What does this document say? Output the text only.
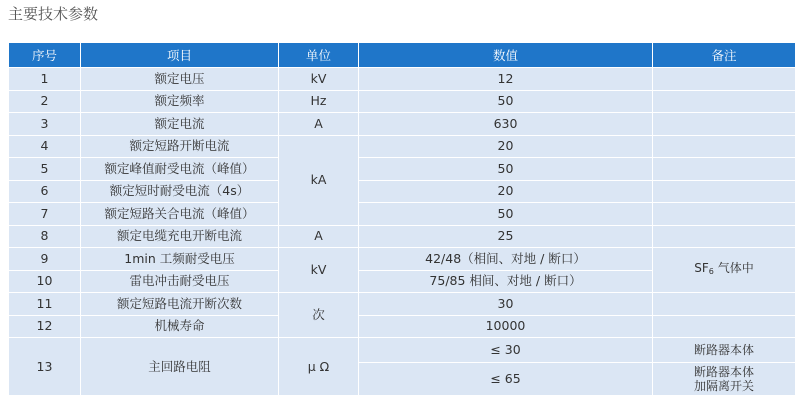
主要技术参数
序号	项目	单位	数值	备注
1	额定电压	kV	12	
2	额定频率	Hz	50	
3	额定电流	A	630	
4	额定短路开断电流	kA	20	
5	额定峰值耐受电流（峰值）		50	
6	额定短时耐受电流（4s）		20	
7	额定短路关合电流（峰值）		50	
8	额定电缆充电开断电流	A	25	
9	1min 工频耐受电压	kV	42/48（相间、对地 / 断口）	$SF_6$ 气体中
10	雷电冲击耐受电压		75/85 相间、对地 / 断口）	
11	额定短路电流开断次数	次	30	
12	机械寿命		10000	
13	主回路电阻	μ Ω	≤ 30	断路器本体
			≤ 65	断路器本体
加隔离开关
